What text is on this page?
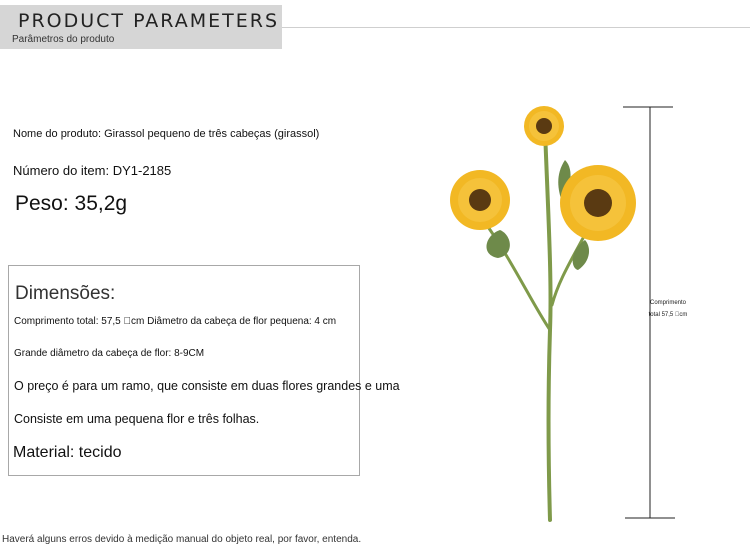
PRODUCT PARAMETERS
Parâmetros do produto
Nome do produto: Girassol pequeno de três cabeças (girassol)
Número do item: DY1-2185
Peso: 35,2g
Dimensões:
Comprimento total: 57,5  cm Diâmetro da cabeça de flor pequena: 4 cm
Grande diâmetro da cabeça de flor: 8-9CM
O preço é para um ramo, que consiste em duas flores grandes e uma
Consiste em uma pequena flor e três folhas.
Material: tecido
Comprimento total 57,5  cm
Haverá alguns erros devido à medição manual do objeto real, por favor, entenda.
